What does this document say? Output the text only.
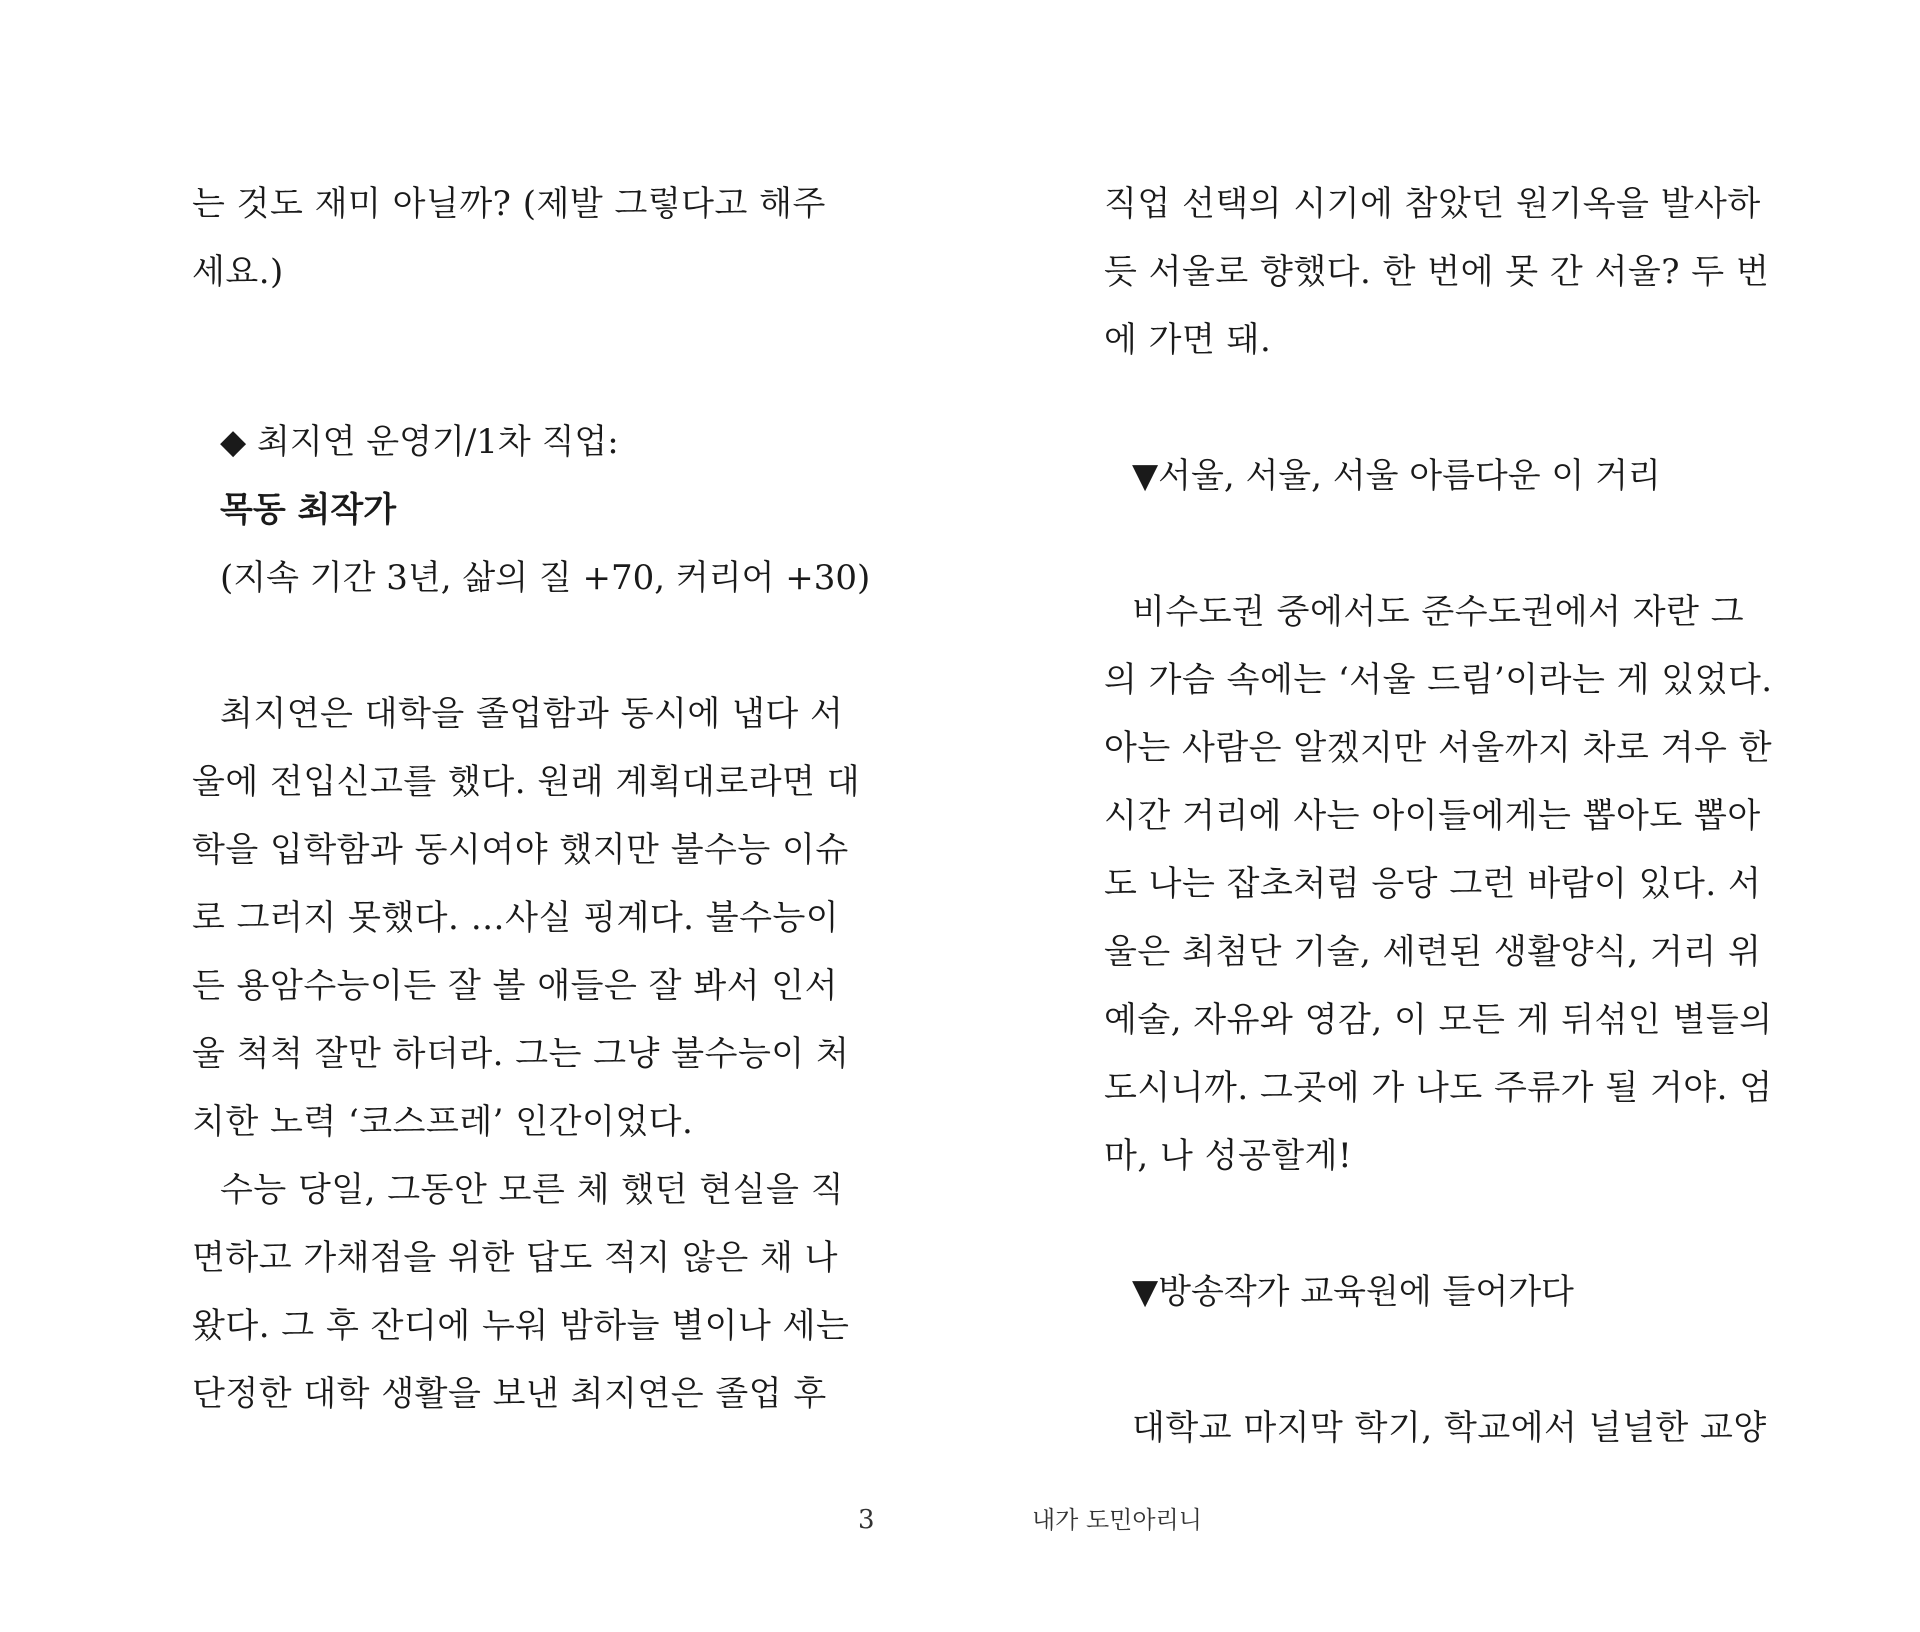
는 것도 재미 아닐까? (제발 그렇다고 해주
세요.)
◆ 최지연 운영기/1차 직업:
목동 최작가
(지속 기간 3년, 삶의 질 +70, 커리어 +30)
최지연은 대학을 졸업함과 동시에 냅다 서
울에 전입신고를 했다. 원래 계획대로라면 대
학을 입학함과 동시여야 했지만 불수능 이슈
로 그러지 못했다. …사실 핑계다. 불수능이
든 용암수능이든 잘 볼 애들은 잘 봐서 인서
울 척척 잘만 하더라. 그는 그냥 불수능이 처
치한 노력 ‘코스프레’ 인간이었다.
수능 당일, 그동안 모른 체 했던 현실을 직
면하고 가채점을 위한 답도 적지 않은 채 나
왔다. 그 후 잔디에 누워 밤하늘 별이나 세는
단정한 대학 생활을 보낸 최지연은 졸업 후
직업 선택의 시기에 참았던 원기옥을 발사하
듯 서울로 향했다. 한 번에 못 간 서울? 두 번
에 가면 돼.
▼서울, 서울, 서울 아름다운 이 거리
비수도권 중에서도 준수도권에서 자란 그
의 가슴 속에는 ‘서울 드림’이라는 게 있었다.
아는 사람은 알겠지만 서울까지 차로 겨우 한
시간 거리에 사는 아이들에게는 뽑아도 뽑아
도 나는 잡초처럼 응당 그런 바람이 있다. 서
울은 최첨단 기술, 세련된 생활양식, 거리 위
예술, 자유와 영감, 이 모든 게 뒤섞인 별들의
도시니까. 그곳에 가 나도 주류가 될 거야. 엄
마, 나 성공할게!
▼방송작가 교육원에 들어가다
대학교 마지막 학기, 학교에서 널널한 교양
3	내가 도민아리니
